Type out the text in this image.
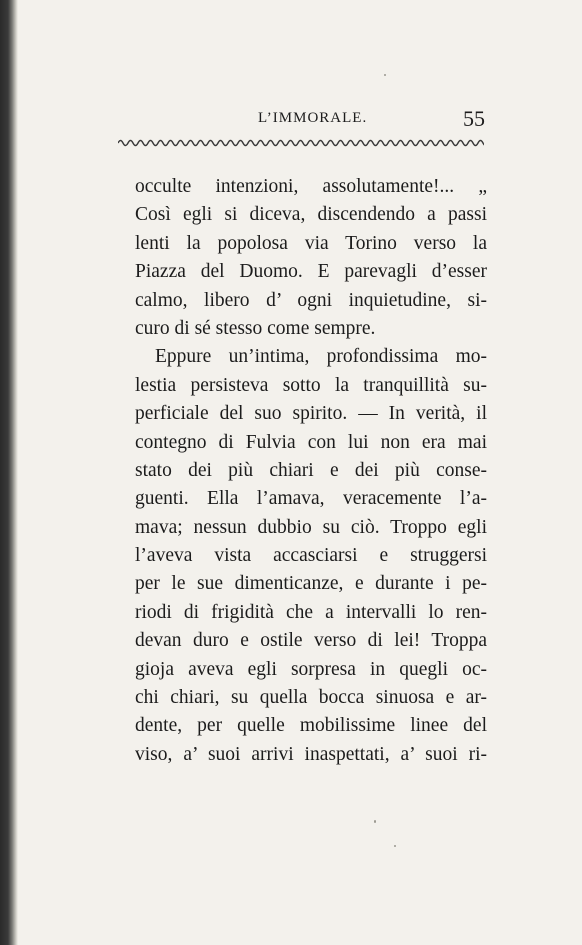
L’IMMORALE.	55
occulte intenzioni, assolutamente!... „
Così egli si diceva, discendendo a passi
lenti la popolosa via Torino verso la
Piazza del Duomo. E parevagli d’esser
calmo, libero d’ ogni inquietudine, si-
curo di sé stesso come sempre.
Eppure un’intima, profondissima mo-
lestia persisteva sotto la tranquillità su-
perficiale del suo spirito. — In verità, il
contegno di Fulvia con lui non era mai
stato dei più chiari e dei più conse-
guenti. Ella l’amava, veracemente l’a-
mava; nessun dubbio su ciò. Troppo egli
l’aveva vista accasciarsi e struggersi
per le sue dimenticanze, e durante i pe-
riodi di frigidità che a intervalli lo ren-
devan duro e ostile verso di lei! Troppa
gioja aveva egli sorpresa in quegli oc-
chi chiari, su quella bocca sinuosa e ar-
dente, per quelle mobilissime linee del
viso, a’ suoi arrivi inaspettati, a’ suoi ri-
